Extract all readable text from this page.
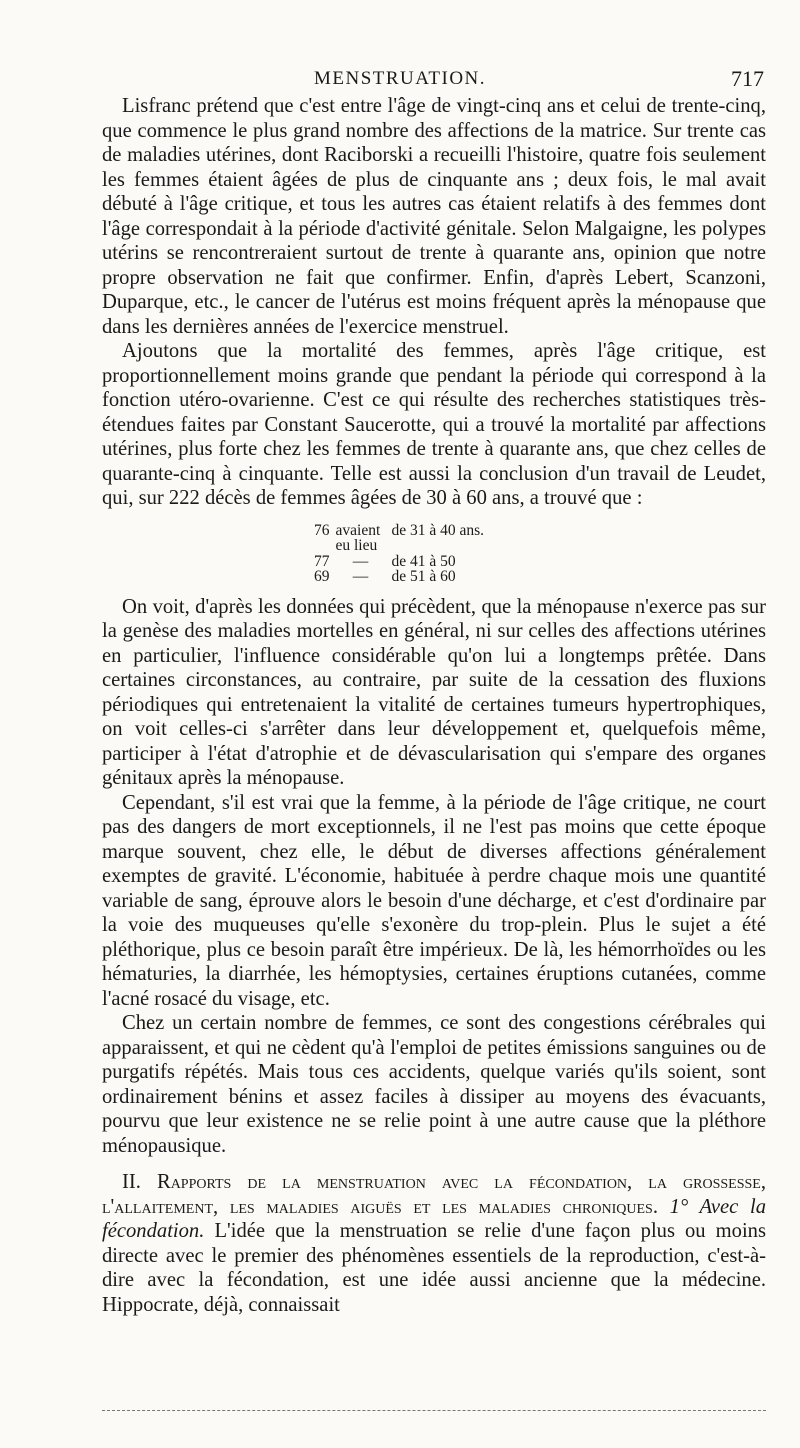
MENSTRUATION.	717

Lisfranc prétend que c'est entre l'âge de vingt-cinq ans et celui de trente-cinq, que commence le plus grand nombre des affections de la matrice. Sur trente cas de maladies utérines, dont Raciborski a recueilli l'histoire, quatre fois seulement les femmes étaient âgées de plus de cinquante ans ; deux fois, le mal avait débuté à l'âge critique, et tous les autres cas étaient relatifs à des femmes dont l'âge correspondait à la période d'activité génitale. Selon Malgaigne, les polypes utérins se rencontreraient surtout de trente à quarante ans, opinion que notre propre observation ne fait que confirmer. Enfin, d'après Lebert, Scanzoni, Duparque, etc., le cancer de l'utérus est moins fréquent après la ménopause que dans les dernières années de l'exercice menstruel.

Ajoutons que la mortalité des femmes, après l'âge critique, est proportionnellement moins grande que pendant la période qui correspond à la fonction utéro-ovarienne. C'est ce qui résulte des recherches statistiques très-étendues faites par Constant Saucerotte, qui a trouvé la mortalité par affections utérines, plus forte chez les femmes de trente à quarante ans, que chez celles de quarante-cinq à cinquante. Telle est aussi la conclusion d'un travail de Leudet, qui, sur 222 décès de femmes âgées de 30 à 60 ans, a trouvé que :

76	avaient eu lieu	de 31 à 40 ans.
77	—	de 41 à 50
69	—	de 51 à 60

On voit, d'après les données qui précèdent, que la ménopause n'exerce pas sur la genèse des maladies mortelles en général, ni sur celles des affections utérines en particulier, l'influence considérable qu'on lui a longtemps prêtée. Dans certaines circonstances, au contraire, par suite de la cessation des fluxions périodiques qui entretenaient la vitalité de certaines tumeurs hypertrophiques, on voit celles-ci s'arrêter dans leur développement et, quelquefois même, participer à l'état d'atrophie et de dévascularisation qui s'empare des organes génitaux après la ménopause.

Cependant, s'il est vrai que la femme, à la période de l'âge critique, ne court pas des dangers de mort exceptionnels, il ne l'est pas moins que cette époque marque souvent, chez elle, le début de diverses affections généralement exemptes de gravité. L'économie, habituée à perdre chaque mois une quantité variable de sang, éprouve alors le besoin d'une décharge, et c'est d'ordinaire par la voie des muqueuses qu'elle s'exonère du trop-plein. Plus le sujet a été pléthorique, plus ce besoin paraît être impérieux. De là, les hémorrhoïdes ou les hématuries, la diarrhée, les hémoptysies, certaines éruptions cutanées, comme l'acné rosacé du visage, etc.

Chez un certain nombre de femmes, ce sont des congestions cérébrales qui apparaissent, et qui ne cèdent qu'à l'emploi de petites émissions sanguines ou de purgatifs répétés. Mais tous ces accidents, quelque variés qu'ils soient, sont ordinairement bénins et assez faciles à dissiper au moyens des évacuants, pourvu que leur existence ne se relie point à une autre cause que la pléthore ménopausique.

II. Rapports de la menstruation avec la fécondation, la grossesse, l'allaitement, les maladies aiguës et les maladies chroniques. 1° Avec la fécondation. L'idée que la menstruation se relie d'une façon plus ou moins directe avec le premier des phénomènes essentiels de la reproduction, c'est-à-dire avec la fécondation, est une idée aussi ancienne que la médecine. Hippocrate, déjà, connaissait
